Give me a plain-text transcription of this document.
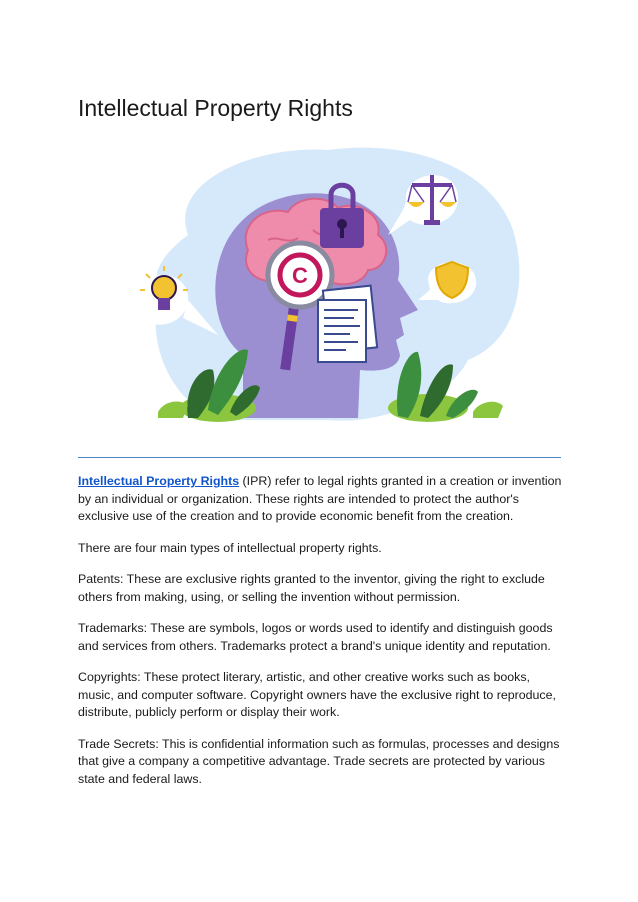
Intellectual Property Rights
C

Intellectual Property Rights (IPR) refer to legal rights granted in a creation or invention by an individual or organization. These rights are intended to protect the author's exclusive use of the creation and to provide economic benefit from the creation.

There are four main types of intellectual property rights.

Patents: These are exclusive rights granted to the inventor, giving the right to exclude others from making, using, or selling the invention without permission.

Trademarks: These are symbols, logos or words used to identify and distinguish goods and services from others. Trademarks protect a brand's unique identity and reputation.

Copyrights: These protect literary, artistic, and other creative works such as books, music, and computer software. Copyright owners have the exclusive right to reproduce, distribute, publicly perform or display their work.

Trade Secrets: This is confidential information such as formulas, processes and designs that give a company a competitive advantage. Trade secrets are protected by various state and federal laws.
